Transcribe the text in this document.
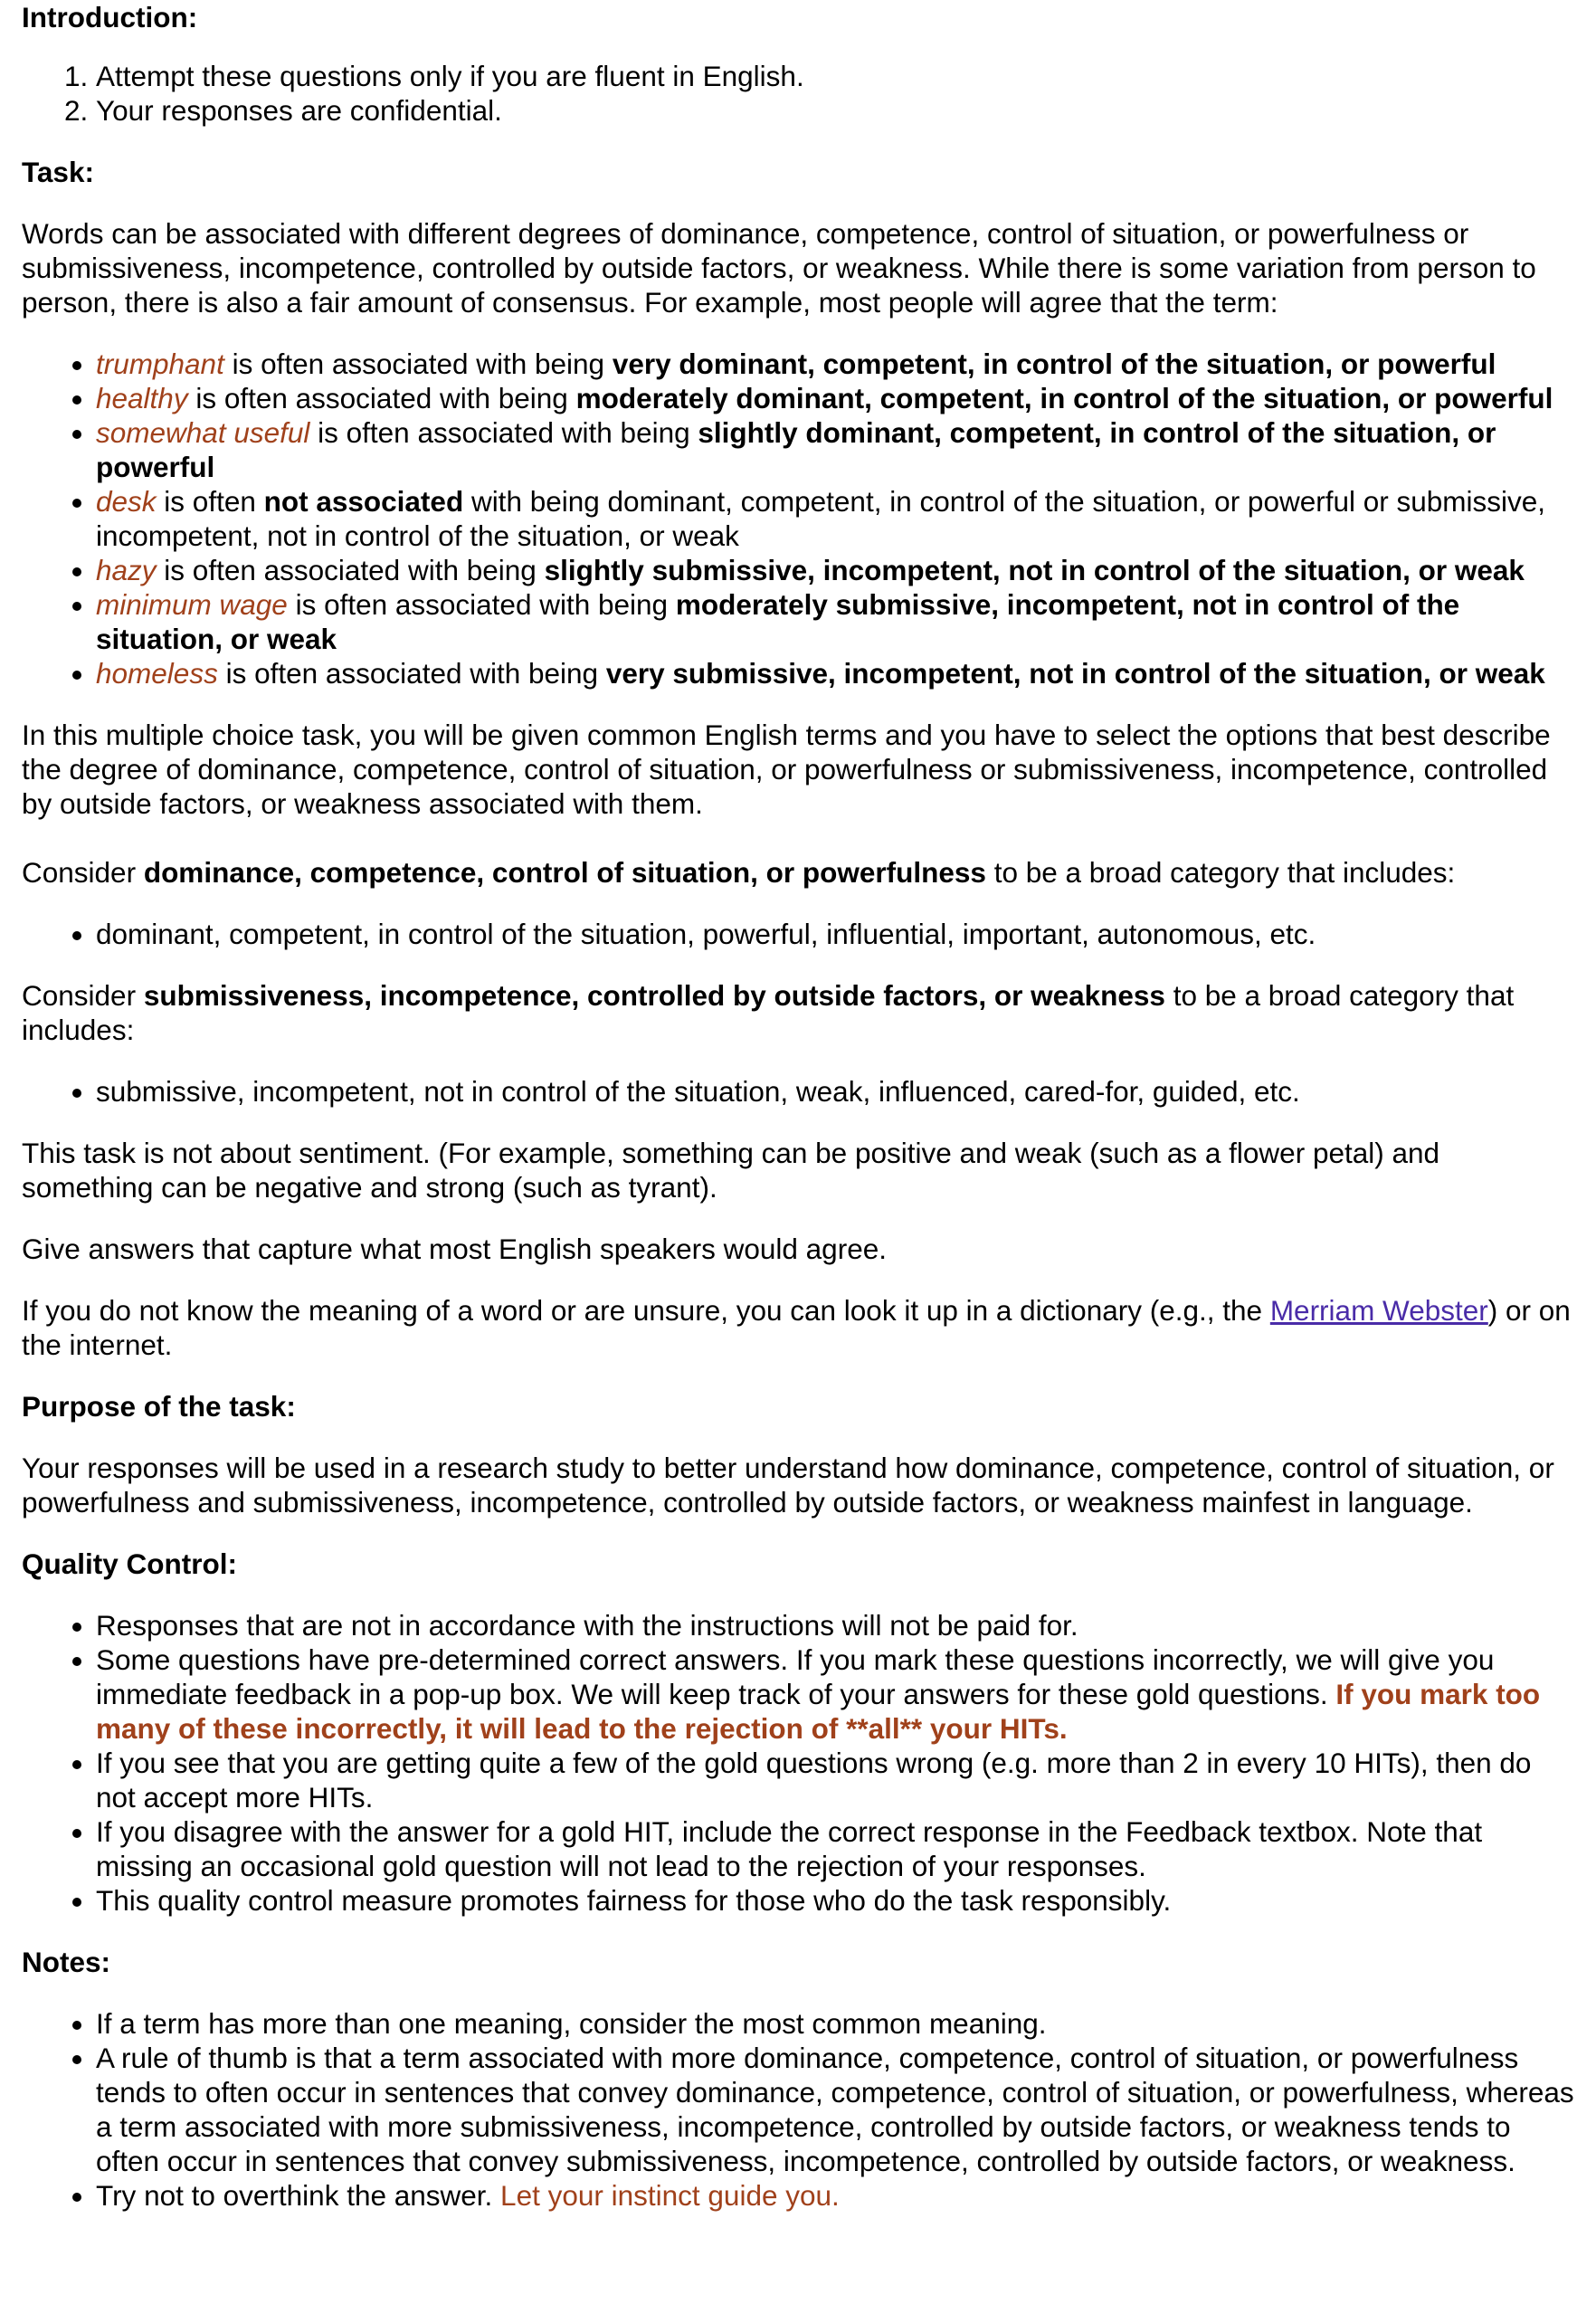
Introduction:
1. Attempt these questions only if you are fluent in English.
2. Your responses are confidential.
Task:

Words can be associated with different degrees of dominance, competence, control of situation, or powerfulness or submissiveness, incompetence, controlled by outside factors, or weakness. While there is some variation from person to person, there is also a fair amount of consensus. For example, most people will agree that the term:

• trumphant is often associated with being very dominant, competent, in control of the situation, or powerful
• healthy is often associated with being moderately dominant, competent, in control of the situation, or powerful
• somewhat useful is often associated with being slightly dominant, competent, in control of the situation, or powerful
• desk is often not associated with being dominant, competent, in control of the situation, or powerful or submissive, incompetent, not in control of the situation, or weak
• hazy is often associated with being slightly submissive, incompetent, not in control of the situation, or weak
• minimum wage is often associated with being moderately submissive, incompetent, not in control of the situation, or weak
• homeless is often associated with being very submissive, incompetent, not in control of the situation, or weak

In this multiple choice task, you will be given common English terms and you have to select the options that best describe the degree of dominance, competence, control of situation, or powerfulness or submissiveness, incompetence, controlled by outside factors, or weakness associated with them.

Consider dominance, competence, control of situation, or powerfulness to be a broad category that includes:

• dominant, competent, in control of the situation, powerful, influential, important, autonomous, etc.

Consider submissiveness, incompetence, controlled by outside factors, or weakness to be a broad category that includes:

• submissive, incompetent, not in control of the situation, weak, influenced, cared-for, guided, etc.

This task is not about sentiment. (For example, something can be positive and weak (such as a flower petal) and something can be negative and strong (such as tyrant).

Give answers that capture what most English speakers would agree.

If you do not know the meaning of a word or are unsure, you can look it up in a dictionary (e.g., the Merriam Webster) or on the internet.

Purpose of the task:

Your responses will be used in a research study to better understand how dominance, competence, control of situation, or powerfulness and submissiveness, incompetence, controlled by outside factors, or weakness mainfest in language.

Quality Control:
• Responses that are not in accordance with the instructions will not be paid for.
• Some questions have pre-determined correct answers. If you mark these questions incorrectly, we will give you immediate feedback in a pop-up box. We will keep track of your answers for these gold questions. If you mark too many of these incorrectly, it will lead to the rejection of **all** your HITs.
• If you see that you are getting quite a few of the gold questions wrong (e.g. more than 2 in every 10 HITs), then do not accept more HITs.
• If you disagree with the answer for a gold HIT, include the correct response in the Feedback textbox. Note that missing an occasional gold question will not lead to the rejection of your responses.
• This quality control measure promotes fairness for those who do the task responsibly.
Notes:
• If a term has more than one meaning, consider the most common meaning.
• A rule of thumb is that a term associated with more dominance, competence, control of situation, or powerfulness tends to often occur in sentences that convey dominance, competence, control of situation, or powerfulness, whereas a term associated with more submissiveness, incompetence, controlled by outside factors, or weakness tends to often occur in sentences that convey submissiveness, incompetence, controlled by outside factors, or weakness.
• Try not to overthink the answer. Let your instinct guide you.
